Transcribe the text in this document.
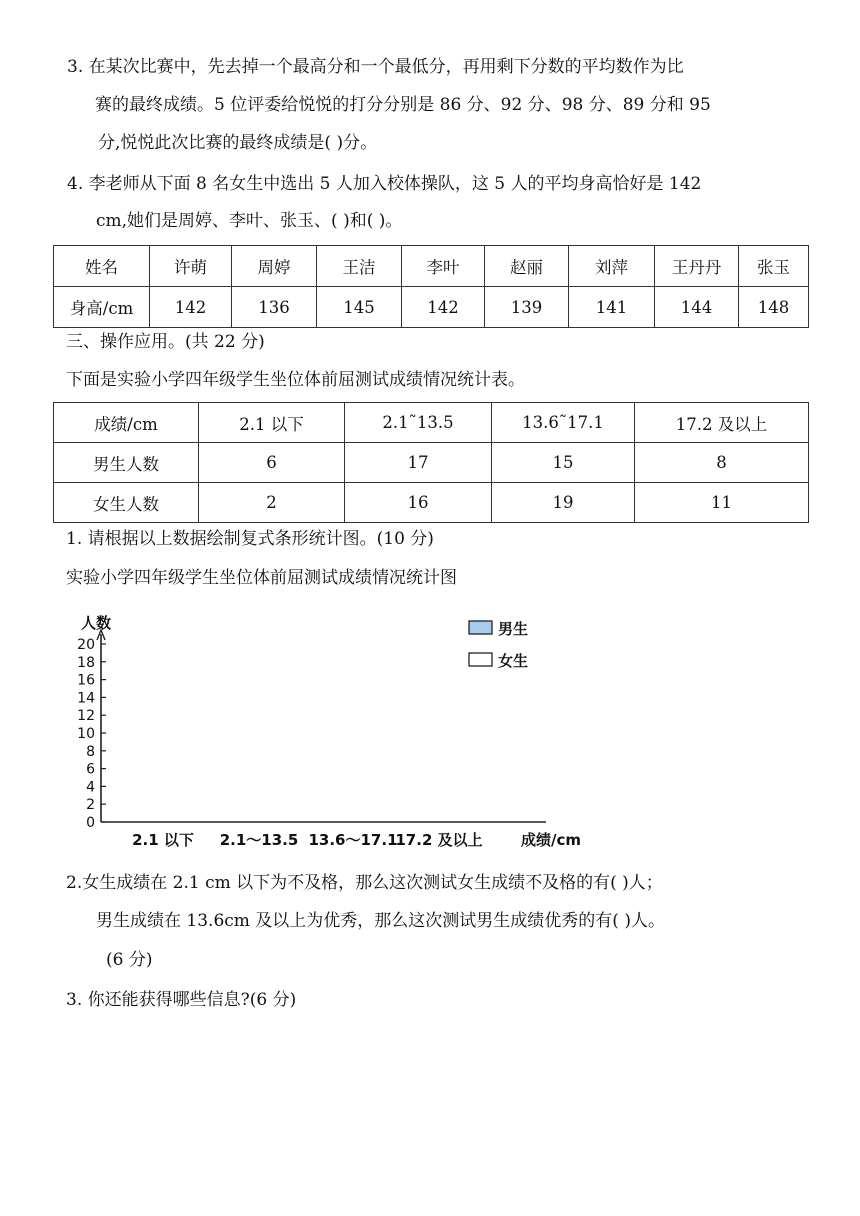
3. 在某次比赛中，先去掉一个最高分和一个最低分，再用剩下分数的平均数作为比
赛的最终成绩。5 位评委给悦悦的打分分别是 86 分、92 分、98 分、89 分和 95
分,悦悦此次比赛的最终成绩是( )分。
4. 李老师从下面 8 名女生中选出 5 人加入校体操队，这 5 人的平均身高恰好是 142
cm,她们是周婷、李叶、张玉、( )和( )。
姓名	许萌	周婷	王洁	李叶	赵丽	刘萍	王丹丹	张玉
身高/cm	142	136	145	142	139	141	144	148
三、操作应用。(共 22 分)
下面是实验小学四年级学生坐位体前屈测试成绩情况统计表。
成绩/cm	2.1 以下	2.1˜13.5	13.6˜17.1	17.2 及以上
男生人数	6	17	15	8
女生人数	2	16	19	11
1. 请根据以上数据绘制复式条形统计图。(10 分)
实验小学四年级学生坐位体前屈测试成绩情况统计图
0
2
4
6
8
10
12
14
16
18
20
人数
2.1 以下 2.1～13.5 13.6～17.1
17.2 及以上	成绩/cm
男生
女生
2.女生成绩在 2.1 cm 以下为不及格，那么这次测试女生成绩不及格的有( )人；
男生成绩在 13.6cm 及以上为优秀，那么这次测试男生成绩优秀的有( )人。
(6 分)
3. 你还能获得哪些信息?(6 分)
